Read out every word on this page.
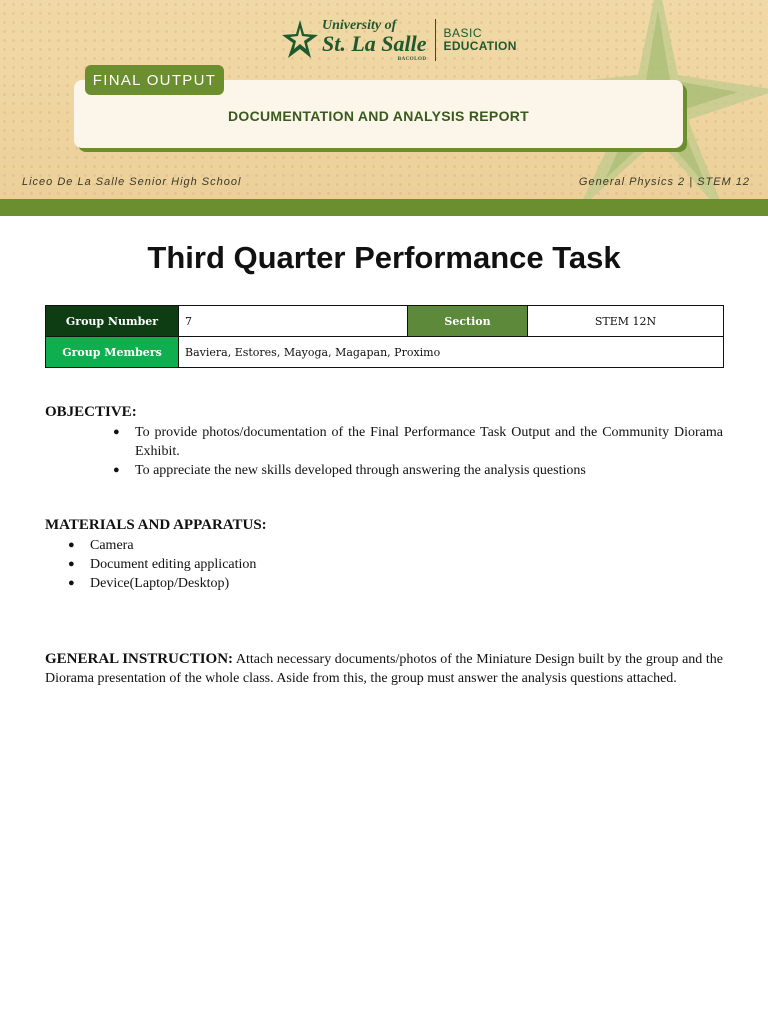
University of
St. La Salle
BACOLOD
BASIC
EDUCATION
DOCUMENTATION AND ANALYSIS REPORT
FINAL OUTPUT
Liceo De La Salle Senior High School	General Physics 2 | STEM 12
Third Quarter Performance Task
Group Number	7	Section	STEM 12N
Group Members	Baviera, Estores, Mayoga, Magapan, Proximo		
OBJECTIVE:
● To provide photos/documentation of the Final Performance Task Output and the Community Diorama Exhibit.
● To appreciate the new skills developed through answering the analysis questions
MATERIALS AND APPARATUS:
● Camera
● Document editing application
● Device(Laptop/Desktop)

GENERAL INSTRUCTION: Attach necessary documents/photos of the Miniature Design built by the group and the Diorama presentation of the whole class. Aside from this, the group must answer the analysis questions attached.
